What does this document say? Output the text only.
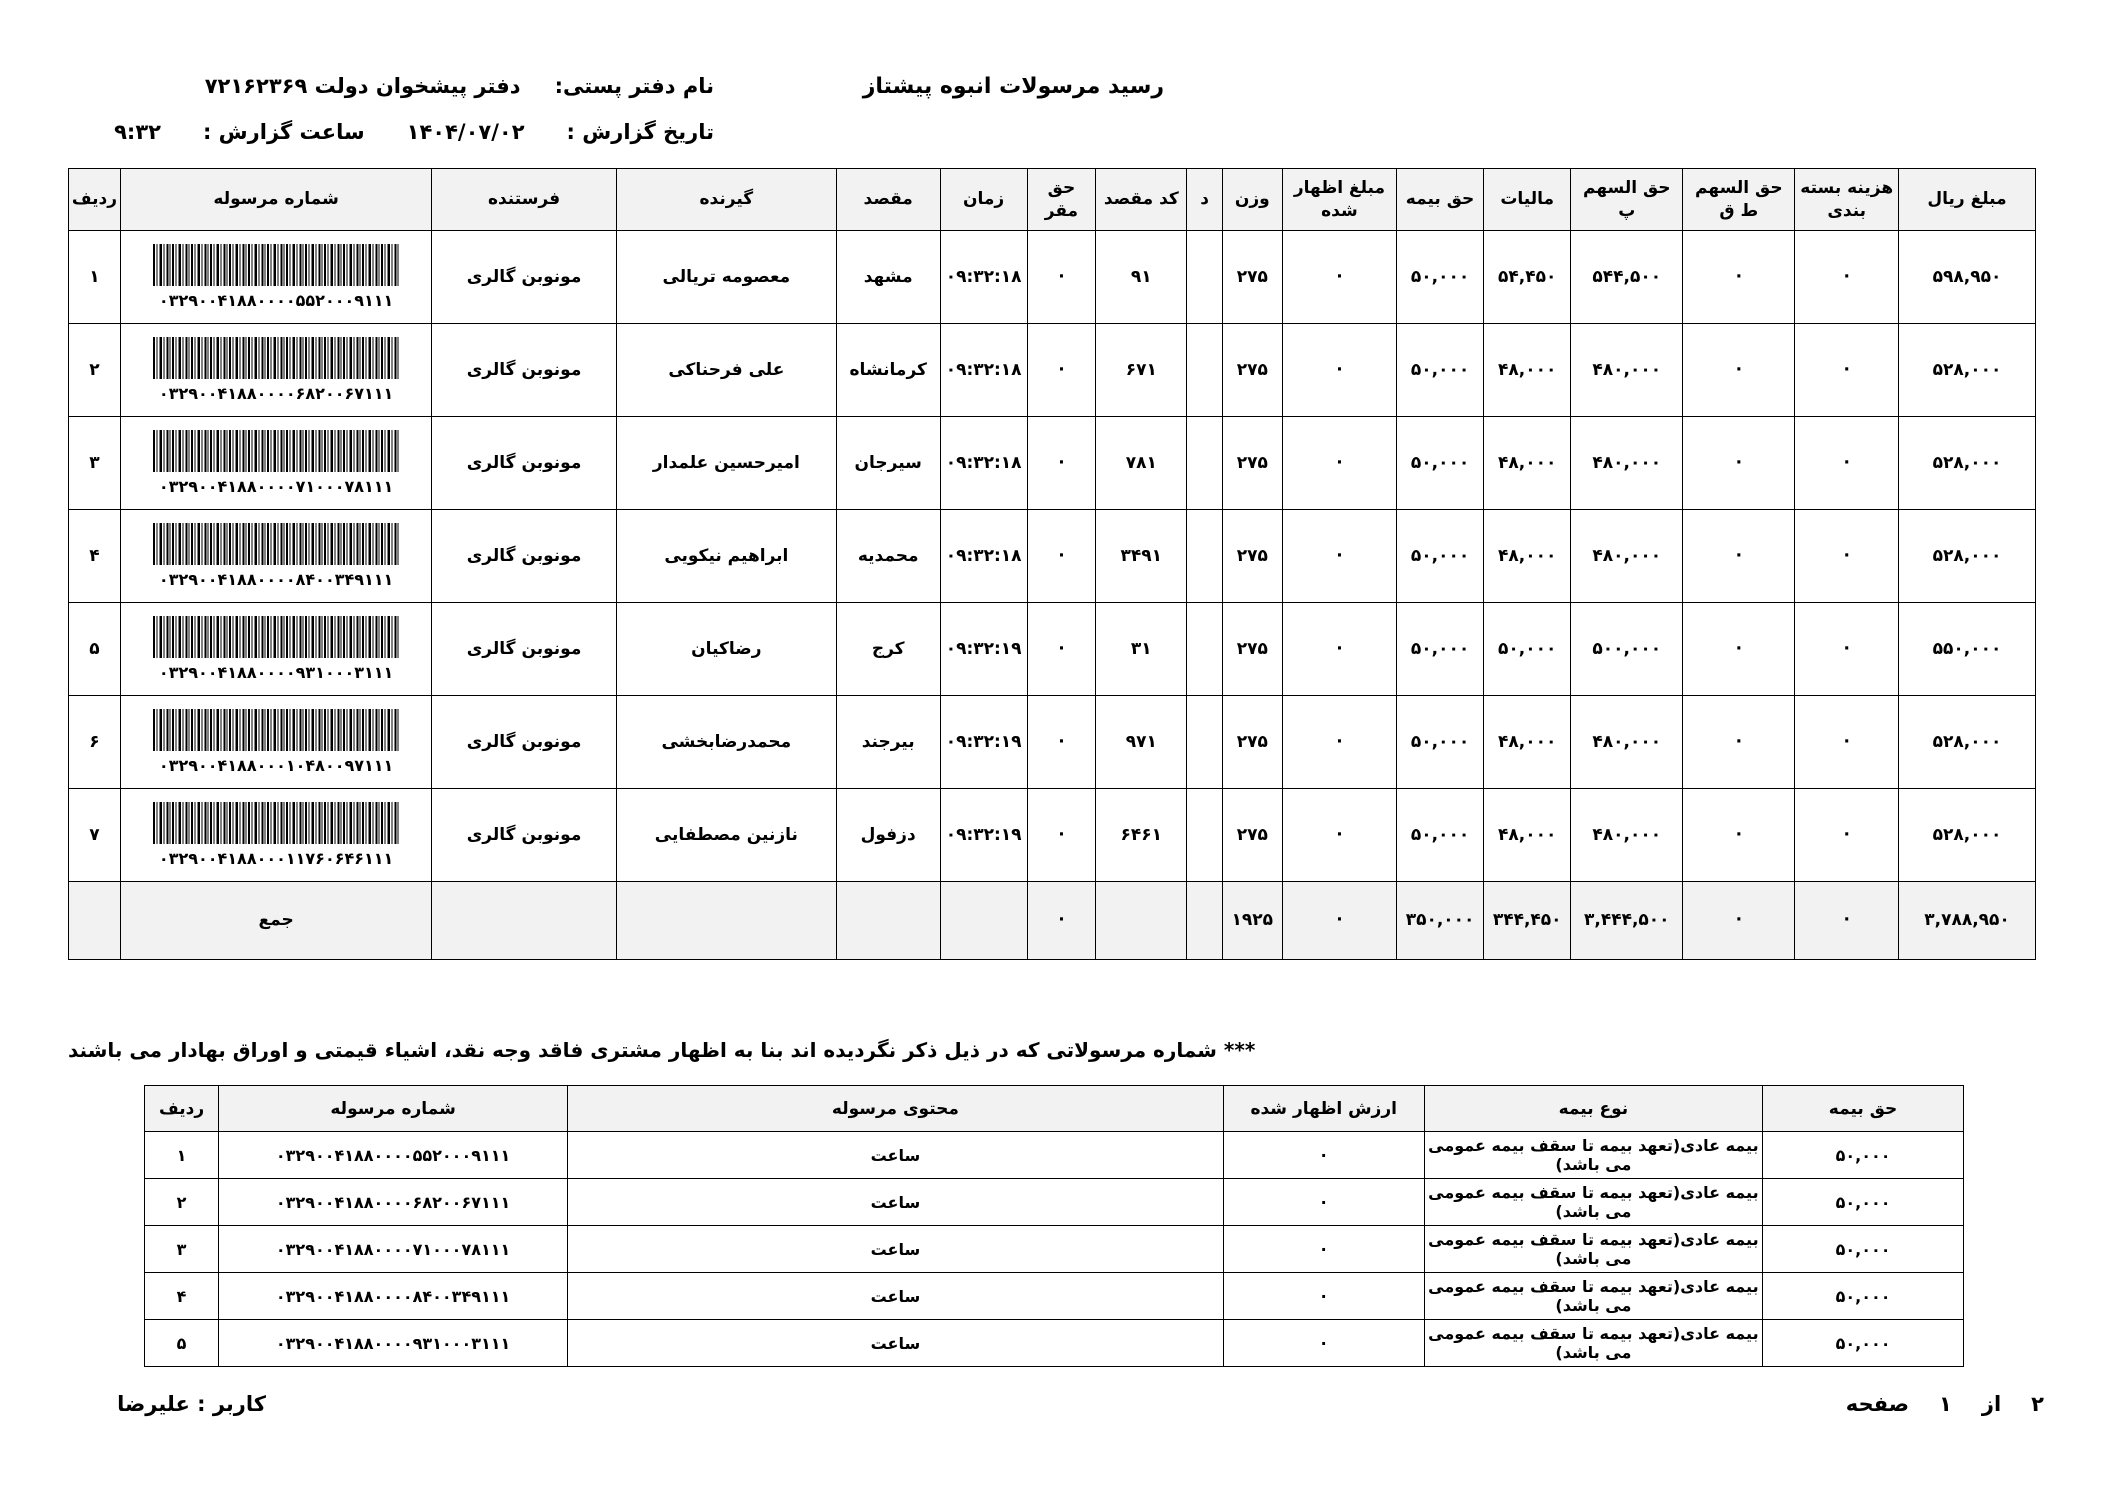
رسید مرسولات انبوه پیشتاز
نام دفتر پستی:
دفتر پیشخوان دولت ۷۲۱۶۲۳۶۹
تاریخ گزارش :
۱۴۰۴/۰۷/۰۲
ساعت گزارش :
۹:۳۲
مبلغ ریال	هزینه بسته بندی	حق السهم ط ق	حق السهم پ	مالیات	حق بیمه	مبلغ اظهار شده	وزن	د	کد مقصد	حق مقر	زمان	مقصد	گیرنده	فرستنده	شماره مرسوله	ردیف
۵۹۸,۹۵۰	·	·	۵۴۴,۵۰۰	۵۴,۴۵۰	۵۰,۰۰۰	·	۲۷۵		۹۱	·	۰۹:۳۲:۱۸	مشهد	معصومه تریالی	مونوبن گالری	۰۳۲۹۰۰۴۱۸۸۰۰۰۰۵۵۲۰۰۰۹۱۱۱	۱
۵۲۸,۰۰۰	·	·	۴۸۰,۰۰۰	۴۸,۰۰۰	۵۰,۰۰۰	·	۲۷۵		۶۷۱	·	۰۹:۳۲:۱۸	کرمانشاه	علی فرحناکی	مونوبن گالری	۰۳۲۹۰۰۴۱۸۸۰۰۰۰۶۸۲۰۰۶۷۱۱۱	۲
۵۲۸,۰۰۰	·	·	۴۸۰,۰۰۰	۴۸,۰۰۰	۵۰,۰۰۰	·	۲۷۵		۷۸۱	·	۰۹:۳۲:۱۸	سیرجان	امیرحسین علمدار	مونوبن گالری	۰۳۲۹۰۰۴۱۸۸۰۰۰۰۷۱۰۰۰۷۸۱۱۱	۳
۵۲۸,۰۰۰	·	·	۴۸۰,۰۰۰	۴۸,۰۰۰	۵۰,۰۰۰	·	۲۷۵		۳۴۹۱	·	۰۹:۳۲:۱۸	محمدیه	ابراهیم نیکویی	مونوبن گالری	۰۳۲۹۰۰۴۱۸۸۰۰۰۰۸۴۰۰۳۴۹۱۱۱	۴
۵۵۰,۰۰۰	·	·	۵۰۰,۰۰۰	۵۰,۰۰۰	۵۰,۰۰۰	·	۲۷۵		۳۱	·	۰۹:۳۲:۱۹	کرج	رضاکیان	مونوبن گالری	۰۳۲۹۰۰۴۱۸۸۰۰۰۰۹۳۱۰۰۰۳۱۱۱	۵
۵۲۸,۰۰۰	·	·	۴۸۰,۰۰۰	۴۸,۰۰۰	۵۰,۰۰۰	·	۲۷۵		۹۷۱	·	۰۹:۳۲:۱۹	بیرجند	محمدرضابخشی	مونوبن گالری	۰۳۲۹۰۰۴۱۸۸۰۰۰۱۰۴۸۰۰۹۷۱۱۱	۶
۵۲۸,۰۰۰	·	·	۴۸۰,۰۰۰	۴۸,۰۰۰	۵۰,۰۰۰	·	۲۷۵		۶۴۶۱	·	۰۹:۳۲:۱۹	دزفول	نازنین مصطفایی	مونوبن گالری	۰۳۲۹۰۰۴۱۸۸۰۰۰۱۱۷۶۰۶۴۶۱۱۱	۷
۳,۷۸۸,۹۵۰	·	·	۳,۴۴۴,۵۰۰	۳۴۴,۴۵۰	۳۵۰,۰۰۰	·	۱۹۲۵			·					جمع	
*** شماره مرسولاتی که در ذیل ذکر نگردیده اند بنا به اظهار مشتری فاقد وجه نقد، اشیاء قیمتی و اوراق بهادار می باشند
حق بیمه	نوع بیمه	ارزش اظهار شده	محتوی مرسوله	شماره مرسوله	ردیف
۵۰,۰۰۰	بیمه عادی(تعهد بیمه تا سقف بیمه عمومی می باشد)	·	ساعت	۰۳۲۹۰۰۴۱۸۸۰۰۰۰۵۵۲۰۰۰۹۱۱۱	۱
۵۰,۰۰۰	بیمه عادی(تعهد بیمه تا سقف بیمه عمومی می باشد)	·	ساعت	۰۳۲۹۰۰۴۱۸۸۰۰۰۰۶۸۲۰۰۶۷۱۱۱	۲
۵۰,۰۰۰	بیمه عادی(تعهد بیمه تا سقف بیمه عمومی می باشد)	·	ساعت	۰۳۲۹۰۰۴۱۸۸۰۰۰۰۷۱۰۰۰۷۸۱۱۱	۳
۵۰,۰۰۰	بیمه عادی(تعهد بیمه تا سقف بیمه عمومی می باشد)	·	ساعت	۰۳۲۹۰۰۴۱۸۸۰۰۰۰۸۴۰۰۳۴۹۱۱۱	۴
۵۰,۰۰۰	بیمه عادی(تعهد بیمه تا سقف بیمه عمومی می باشد)	·	ساعت	۰۳۲۹۰۰۴۱۸۸۰۰۰۰۹۳۱۰۰۰۳۱۱۱	۵
کاربر : علیرضا	۲
از
۱
صفحه
